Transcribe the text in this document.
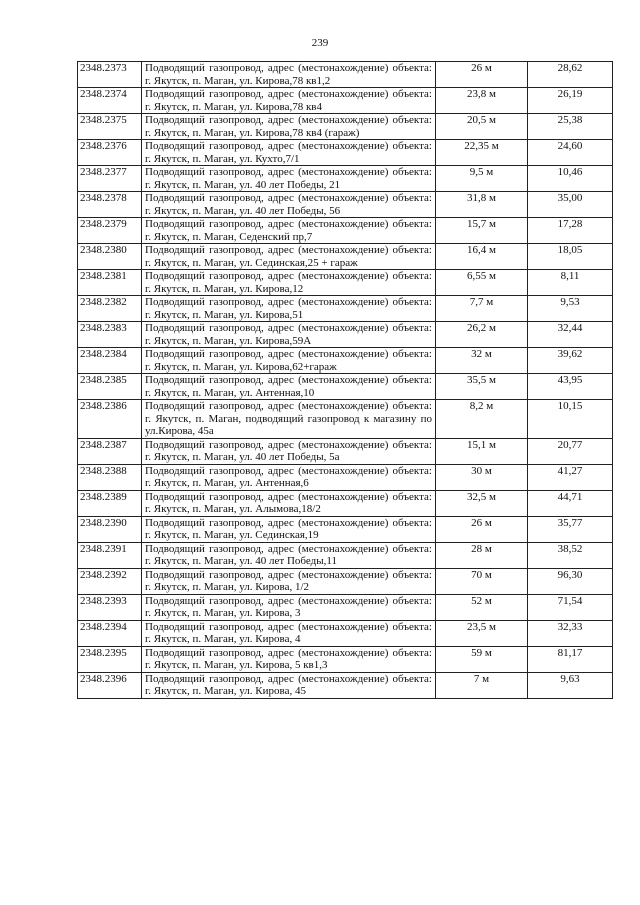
239
2348.2373	Подводящий газопровод, адрес (местонахождение) объекта: г. Якутск, п. Маган, ул. Кирова,78 кв1,2	26 м	28,62
2348.2374	Подводящий газопровод, адрес (местонахождение) объекта: г. Якутск, п. Маган, ул. Кирова,78 кв4	23,8 м	26,19
2348.2375	Подводящий газопровод, адрес (местонахождение) объекта: г. Якутск, п. Маган, ул. Кирова,78 кв4 (гараж)	20,5 м	25,38
2348.2376	Подводящий газопровод, адрес (местонахождение) объекта: г. Якутск, п. Маган, ул. Кухто,7/1	22,35 м	24,60
2348.2377	Подводящий газопровод, адрес (местонахождение) объекта: г. Якутск, п. Маган, ул. 40 лет Победы, 21	9,5 м	10,46
2348.2378	Подводящий газопровод, адрес (местонахождение) объекта: г. Якутск, п. Маган, ул. 40 лет Победы, 56	31,8 м	35,00
2348.2379	Подводящий газопровод, адрес (местонахождение) объекта: г. Якутск, п. Маган, Седенский пр,7	15,7 м	17,28
2348.2380	Подводящий газопровод, адрес (местонахождение) объекта: г. Якутск, п. Маган, ул. Сединская,25 + гараж	16,4 м	18,05
2348.2381	Подводящий газопровод, адрес (местонахождение) объекта: г. Якутск, п. Маган, ул. Кирова,12	6,55 м	8,11
2348.2382	Подводящий газопровод, адрес (местонахождение) объекта: г. Якутск, п. Маган, ул. Кирова,51	7,7 м	9,53
2348.2383	Подводящий газопровод, адрес (местонахождение) объекта: г. Якутск, п. Маган, ул. Кирова,59А	26,2 м	32,44
2348.2384	Подводящий газопровод, адрес (местонахождение) объекта: г. Якутск, п. Маган, ул. Кирова,62+гараж	32 м	39,62
2348.2385	Подводящий газопровод, адрес (местонахождение) объекта: г. Якутск, п. Маган, ул. Антенная,10	35,5 м	43,95
2348.2386	Подводящий газопровод, адрес (местонахождение) объекта: г. Якутск, п. Маган, подводящий газопровод к магазину по ул.Кирова, 45а	8,2 м	10,15
2348.2387	Подводящий газопровод, адрес (местонахождение) объекта: г. Якутск, п. Маган, ул. 40 лет Победы, 5а	15,1 м	20,77
2348.2388	Подводящий газопровод, адрес (местонахождение) объекта: г. Якутск, п. Маган, ул. Антенная,6	30 м	41,27
2348.2389	Подводящий газопровод, адрес (местонахождение) объекта: г. Якутск, п. Маган, ул. Алымова,18/2	32,5 м	44,71
2348.2390	Подводящий газопровод, адрес (местонахождение) объекта: г. Якутск, п. Маган, ул. Сединская,19	26 м	35,77
2348.2391	Подводящий газопровод, адрес (местонахождение) объекта: г. Якутск, п. Маган, ул. 40 лет Победы,11	28 м	38,52
2348.2392	Подводящий газопровод, адрес (местонахождение) объекта: г. Якутск, п. Маган, ул. Кирова, 1/2	70 м	96,30
2348.2393	Подводящий газопровод, адрес (местонахождение) объекта: г. Якутск, п. Маган, ул. Кирова, 3	52 м	71,54
2348.2394	Подводящий газопровод, адрес (местонахождение) объекта: г. Якутск, п. Маган, ул. Кирова, 4	23,5 м	32,33
2348.2395	Подводящий газопровод, адрес (местонахождение) объекта: г. Якутск, п. Маган, ул. Кирова, 5 кв1,3	59 м	81,17
2348.2396	Подводящий газопровод, адрес (местонахождение) объекта: г. Якутск, п. Маган, ул. Кирова, 45	7 м	9,63
